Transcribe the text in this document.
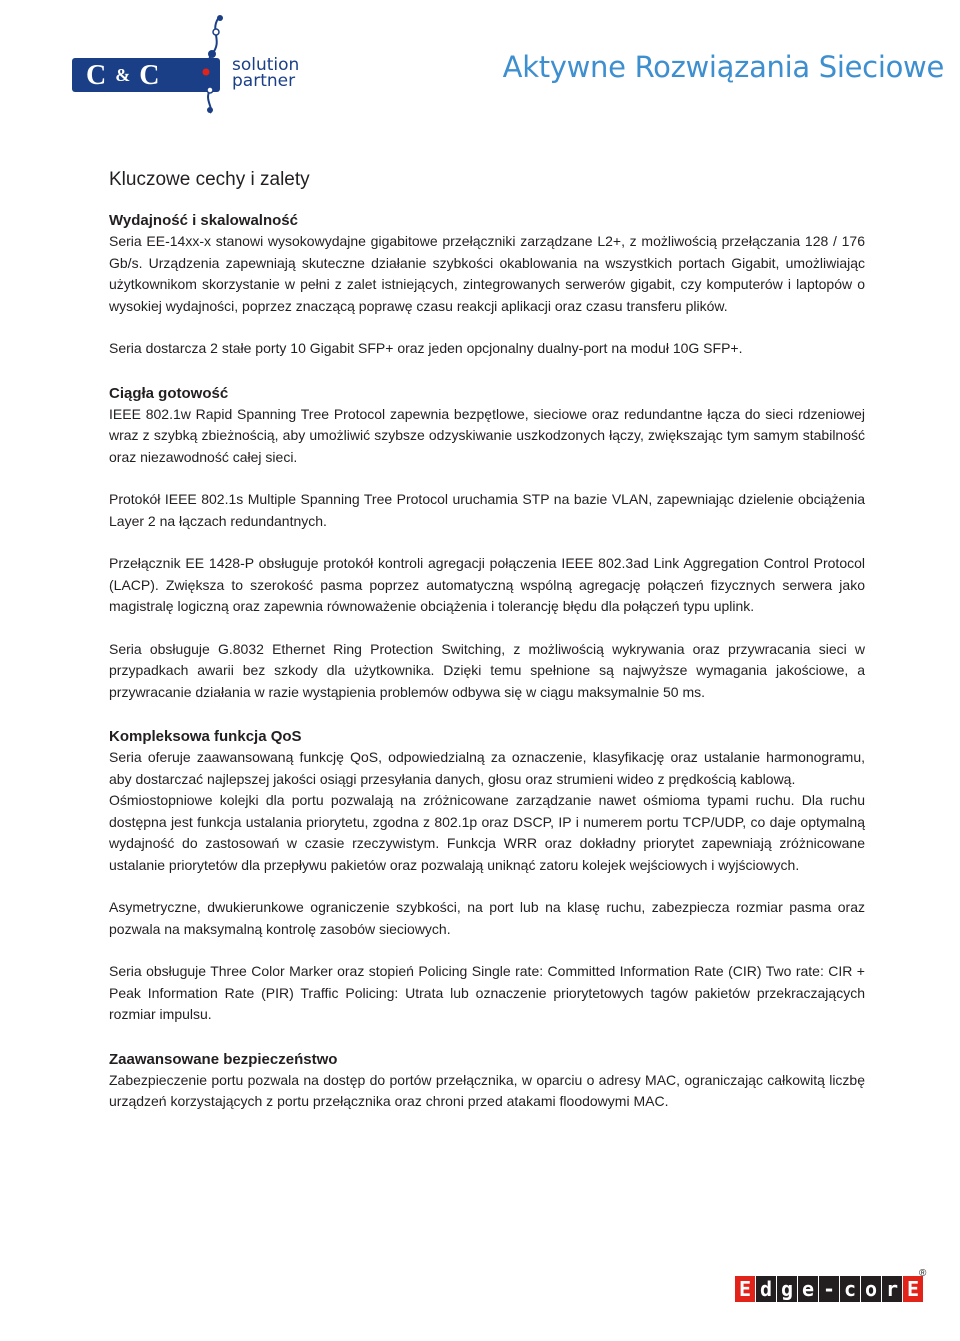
C & C	solution
partner	Aktywne Rozwiązania Sieciowe
Kluczowe cechy i zalety
Wydajność i skalowalność

Seria EE-14xx-x stanowi wysokowydajne gigabitowe przełączniki zarządzane L2+, z możliwością przełączania 128 / 176 Gb/s. Urządzenia zapewniają skuteczne działanie szybkości okablowania na wszystkich portach Gigabit, umożliwiając użytkownikom skorzystanie w pełni z zalet istniejących, zintegrowanych serwerów gigabit, czy komputerów i laptopów o wysokiej wydajności, poprzez znaczącą poprawę czasu reakcji aplikacji oraz czasu transferu plików.

Seria dostarcza 2 stałe porty 10 Gigabit SFP+ oraz jeden opcjonalny dualny-port na moduł 10G SFP+.

Ciągła gotowość

IEEE 802.1w Rapid Spanning Tree Protocol zapewnia bezpętlowe, sieciowe oraz redundantne łącza do sieci rdzeniowej wraz z szybką zbieżnością, aby umożliwić szybsze odzyskiwanie uszkodzonych łączy, zwiększając tym samym stabilność oraz niezawodność całej sieci.

Protokół IEEE 802.1s Multiple Spanning Tree Protocol uruchamia STP na bazie VLAN, zapewniając dzielenie obciążenia Layer 2 na łączach redundantnych.

Przełącznik EE 1428-P obsługuje protokół kontroli agregacji połączenia IEEE 802.3ad Link Aggregation Control Protocol (LACP). Zwiększa to szerokość pasma poprzez automatyczną wspólną agregację połączeń fizycznych serwera jako magistralę logiczną oraz zapewnia równoważenie obciążenia i tolerancję błędu dla połączeń typu uplink.

Seria obsługuje G.8032 Ethernet Ring Protection Switching, z możliwością wykrywania oraz przywracania sieci w przypadkach awarii bez szkody dla użytkownika. Dzięki temu spełnione są najwyższe wymagania jakościowe, a przywracanie działania w razie wystąpienia problemów odbywa się w ciągu maksymalnie 50 ms.

Kompleksowa funkcja QoS

Seria oferuje zaawansowaną funkcję QoS, odpowiedzialną za oznaczenie, klasyfikację oraz ustalanie harmonogramu, aby dostarczać najlepszej jakości osiągi przesyłania danych, głosu oraz strumieni wideo z prędkością kablową.

Ośmiostopniowe kolejki dla portu pozwalają na zróżnicowane zarządzanie nawet ośmioma typami ruchu. Dla ruchu dostępna jest funkcja ustalania priorytetu, zgodna z 802.1p oraz DSCP, IP i numerem portu TCP/UDP, co daje optymalną wydajność do zastosowań w czasie rzeczywistym. Funkcja WRR oraz dokładny priorytet zapewniają zróżnicowane ustalanie priorytetów dla przepływu pakietów oraz pozwalają uniknąć zatoru kolejek wejściowych i wyjściowych.

Asymetryczne, dwukierunkowe ograniczenie szybkości, na port lub na klasę ruchu, zabezpiecza rozmiar pasma oraz pozwala na maksymalną kontrolę zasobów sieciowych.

Seria obsługuje Three Color Marker oraz stopień Policing Single rate: Committed Information Rate (CIR) Two rate: CIR + Peak Information Rate (PIR) Traffic Policing: Utrata lub oznaczenie priorytetowych tagów pakietów przekraczających rozmiar impulsu.

Zaawansowane bezpieczeństwo

Zabezpieczenie portu pozwala na dostęp do portów przełącznika, w oparciu o adresy MAC, ograniczając całkowitą liczbę urządzeń korzystających z portu przełącznika oraz chroni przed atakami floodowymi MAC.

E d g e - c o r E
®
